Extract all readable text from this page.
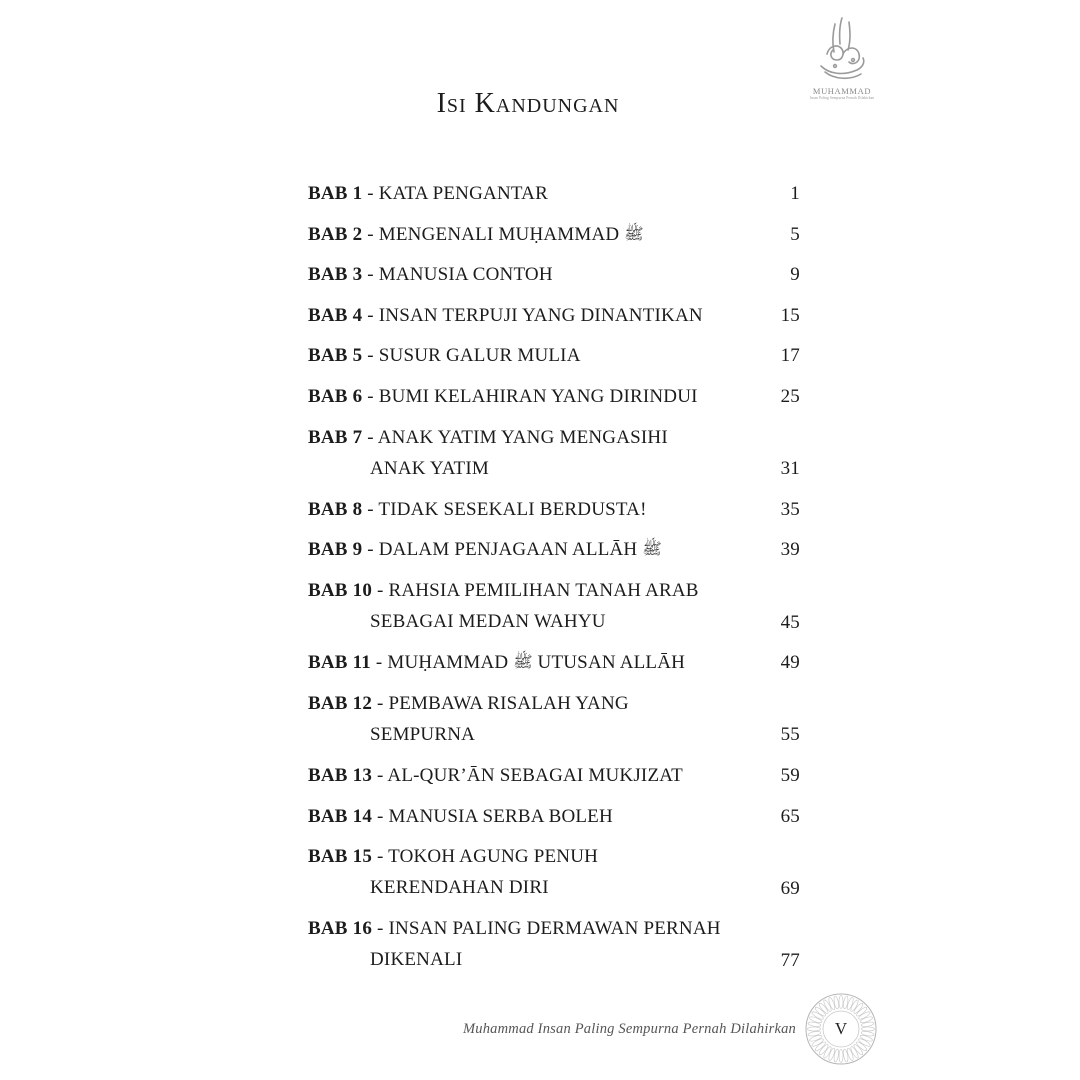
MUHAMMAD
Insan Paling Sempurna Pernah Dilahirkan
Isi Kandungan
BAB 1 - KATA PENGANTAR	1
BAB 2 - MENGENALI MUḤAMMAD ﷺ	5
BAB 3 - MANUSIA CONTOH	9
BAB 4 - INSAN TERPUJI YANG DINANTIKAN	15
BAB 5 - SUSUR GALUR MULIA	17
BAB 6 - BUMI KELAHIRAN YANG DIRINDUI	25
BAB 7 - ANAK YATIM YANG MENGASIHI
ANAK YATIM	31
BAB 8 - TIDAK SESEKALI BERDUSTA!	35
BAB 9 - DALAM PENJAGAAN ALLĀH ﷺ	39
BAB 10 - RAHSIA PEMILIHAN TANAH ARAB
SEBAGAI MEDAN WAHYU	45
BAB 11 - MUḤAMMAD ﷺ UTUSAN ALLĀH	49
BAB 12 - PEMBAWA RISALAH YANG
SEMPURNA	55
BAB 13 - AL-QUR’ĀN SEBAGAI MUKJIZAT	59
BAB 14 - MANUSIA SERBA BOLEH	65
BAB 15 - TOKOH AGUNG PENUH
KERENDAHAN DIRI	69
BAB 16 - INSAN PALING DERMAWAN PERNAH
DIKENALI	77
Muhammad Insan Paling Sempurna Pernah Dilahirkan	V
